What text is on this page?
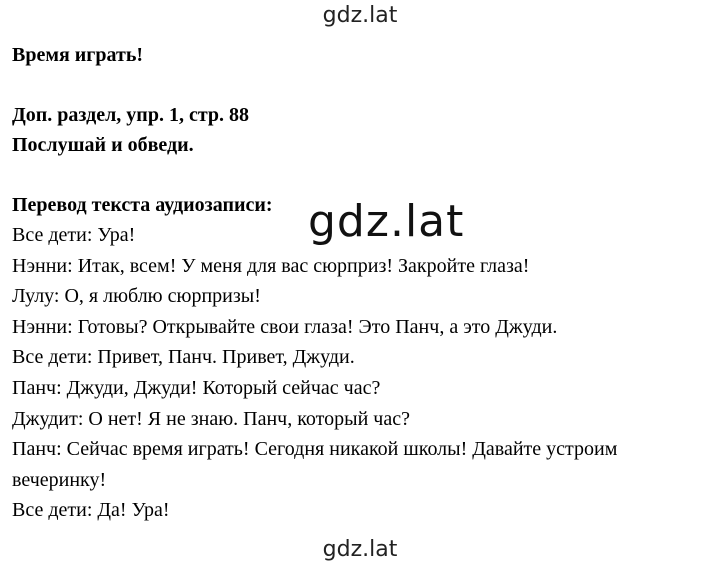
gdz.lat

Время играть!

Доп. раздел, упр. 1, стр. 88

Послушай и обведи.

Перевод текста аудиозаписи:

Все дети: Ура!

Нэнни: Итак, всем! У меня для вас сюрприз! Закройте глаза!

Лулу: О, я люблю сюрпризы!

Нэнни: Готовы? Открывайте свои глаза! Это Панч, а это Джуди.

Все дети: Привет, Панч. Привет, Джуди.

Панч: Джуди, Джуди! Который сейчас час?

Джудит: О нет! Я не знаю. Панч, который час?

Панч: Сейчас время играть! Сегодня никакой школы! Давайте устроим

вечеринку!

Все дети: Да! Ура!

gdz.lat
gdz.lat
